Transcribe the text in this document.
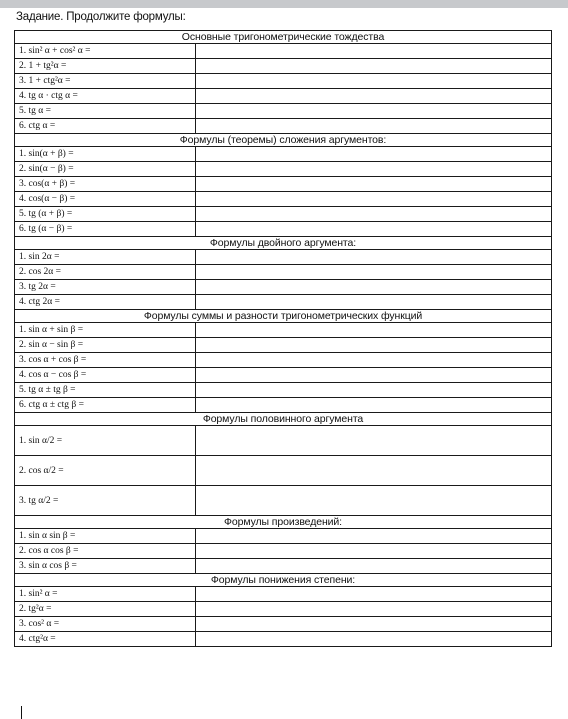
Задание. Продолжите формулы:
Основные тригонометрические тождества	
1. sin² α + cos² α =	
2. 1 + tg²α =	
3. 1 + ctg²α =	
4. tg α · ctg α =	
5. tg α =	
6. ctg α =	
Формулы (теоремы) сложения аргументов:	
1. sin(α + β) =	
2. sin(α − β) =	
3. cos(α + β) =	
4. cos(α − β) =	
5. tg (α + β) =	
6. tg (α − β) =	
Формулы двойного аргумента:	
1. sin 2α =	
2. cos 2α =	
3. tg 2α =	
4. ctg 2α =	
Формулы суммы и разности тригонометрических функций	
1. sin α + sin β =	
2. sin α − sin β =	
3. cos α + cos β =	
4. cos α − cos β =	
5. tg α ± tg β =	
6. ctg α ± ctg β =	
Формулы половинного аргумента	
1. sin α/2 =	
2. cos α/2 =	
3. tg α/2 =	
Формулы произведений:	
1. sin α sin β =	
2. cos α cos β =	
3. sin α cos β =	
Формулы понижения степени:	
1. sin² α =	
2. tg²α =	
3. cos² α =	
4. ctg²α =	
